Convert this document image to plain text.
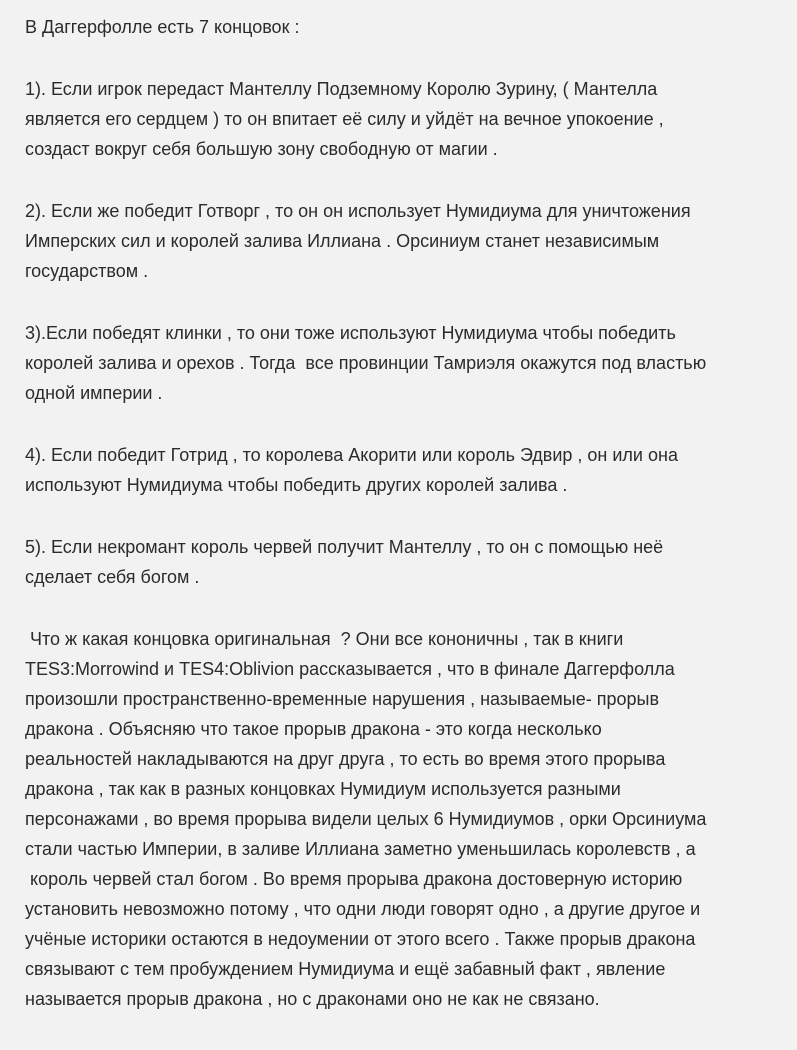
В Даггерфолле есть 7 концовок :

1). Если игрок передаст Мантеллу Подземному Королю Зурину, ( Мантелла
является его сердцем ) то он впитает её силу и уйдёт на вечное упокоение ,
создаст вокруг себя большую зону свободную от магии .

2). Если же победит Готворг , то он он использует Нумидиума для уничтожения
Имперских сил и королей залива Иллиана . Орсиниум станет независимым
государством .

3).Если победят клинки , то они тоже используют Нумидиума чтобы победить
королей залива и орехов . Тогда  все провинции Тамриэля окажутся под властью
одной империи .

4). Если победит Готрид , то королева Акорити или король Эдвир , он или она
используют Нумидиума чтобы победить других королей залива .

5). Если некромант король червей получит Мантеллу , то он с помощью неё
сделает себя богом .

Что ж какая концовка оригинальная  ? Они все кононичны , так в книги
TES3:Morrowind и TES4:Oblivion рассказывается , что в финале Даггерфолла
произошли пространственно-временные нарушения , называемые- прорыв
дракона . Объясняю что такое прорыв дракона - это когда несколько
реальностей накладываются на друг друга , то есть во время этого прорыва
дракона , так как в разных концовках Нумидиум используется разными
персонажами , во время прорыва видели целых 6 Нумидиумов , орки Орсиниума
стали частью Империи, в заливе Иллиана заметно уменьшилась королевств , а
король червей стал богом . Во время прорыва дракона достоверную историю
установить невозможно потому , что одни люди говорят одно , а другие другое и
учёные историки остаются в недоумении от этого всего . Также прорыв дракона
связывают с тем пробуждением Нумидиума и ещё забавный факт , явление
называется прорыв дракона , но с драконами оно не как не связано.
